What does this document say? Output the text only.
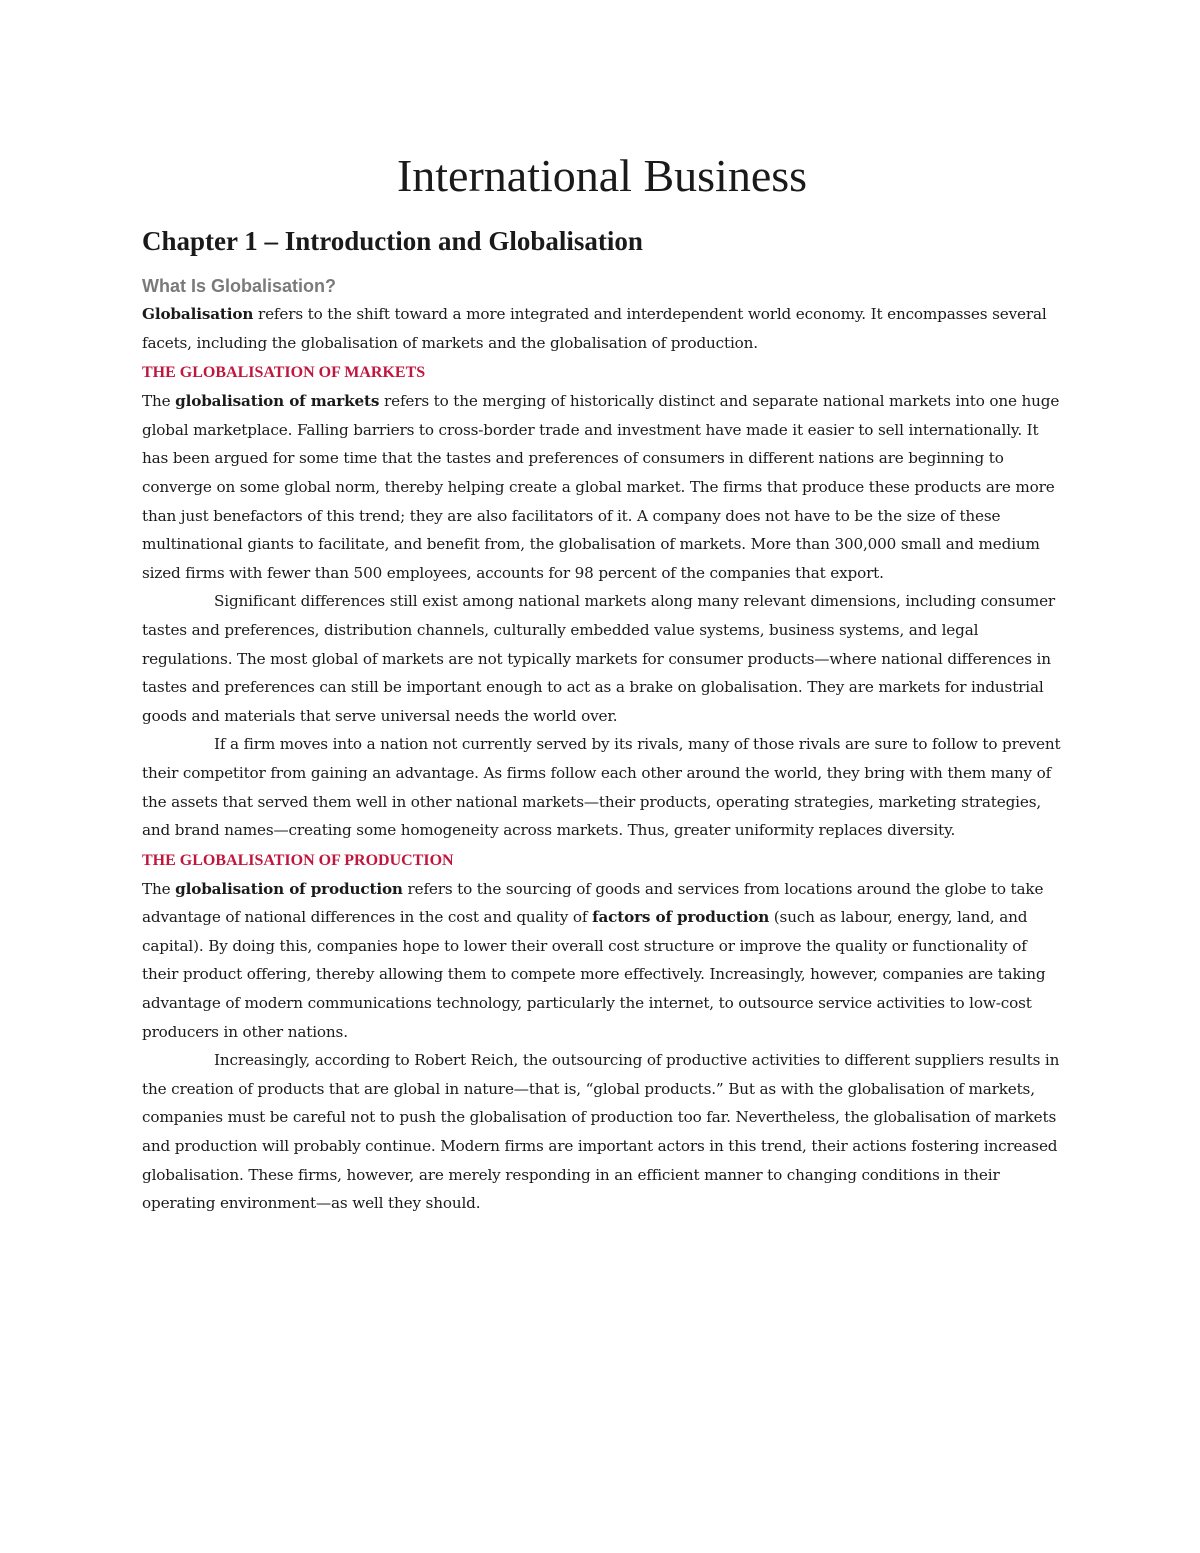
International Business
Chapter 1 – Introduction and Globalisation
What Is Globalisation?

Globalisation refers to the shift toward a more integrated and interdependent world economy. It encompasses several facets, including the globalisation of markets and the globalisation of production.

THE GLOBALISATION OF MARKETS

The globalisation of markets refers to the merging of historically distinct and separate national markets into one huge global marketplace. Falling barriers to cross-border trade and investment have made it easier to sell internationally. It has been argued for some time that the tastes and preferences of consumers in different nations are beginning to converge on some global norm, thereby helping create a global market. The firms that produce these products are more than just benefactors of this trend; they are also facilitators of it. A company does not have to be the size of these multinational giants to facilitate, and benefit from, the globalisation of markets. More than 300,000 small and medium sized firms with fewer than 500 employees, accounts for 98 percent of the companies that export.

Significant differences still exist among national markets along many relevant dimensions, including consumer tastes and preferences, distribution channels, culturally embedded value systems, business systems, and legal regulations. The most global of markets are not typically markets for consumer products—where national differences in tastes and preferences can still be important enough to act as a brake on globalisation. They are markets for industrial goods and materials that serve universal needs the world over.

If a firm moves into a nation not currently served by its rivals, many of those rivals are sure to follow to prevent their competitor from gaining an advantage. As firms follow each other around the world, they bring with them many of the assets that served them well in other national markets—their products, operating strategies, marketing strategies, and brand names—creating some homogeneity across markets. Thus, greater uniformity replaces diversity.

THE GLOBALISATION OF PRODUCTION

The globalisation of production refers to the sourcing of goods and services from locations around the globe to take advantage of national differences in the cost and quality of factors of production (such as labour, energy, land, and capital). By doing this, companies hope to lower their overall cost structure or improve the quality or functionality of their product offering, thereby allowing them to compete more effectively. Increasingly, however, companies are taking advantage of modern communications technology, particularly the internet, to outsource service activities to low-cost producers in other nations.

Increasingly, according to Robert Reich, the outsourcing of productive activities to different suppliers results in the creation of products that are global in nature—that is, “global products.” But as with the globalisation of markets, companies must be careful not to push the globalisation of production too far. Nevertheless, the globalisation of markets and production will probably continue. Modern firms are important actors in this trend, their actions fostering increased globalisation. These firms, however, are merely responding in an efficient manner to changing conditions in their operating environment—as well they should.
